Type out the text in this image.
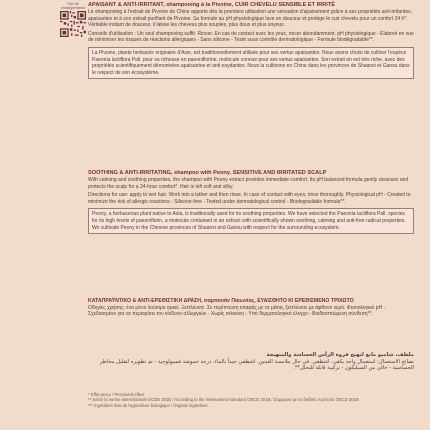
Plus de renseignements APAISANT & ANTI-IRRITANT, shampooing à la Pivoine, CUIR CHEVELU SENSIBLE ET IRRITÉ

Le shampooing à l'extrait de Pivoine de Chine apporte dès la première utilisation une sensation d'apaisement grâce à ses propriétés anti-irritantes, apaisantes et à son extrait purifiant de Pivoine. Sa formule au pH physiologique lave en douceur et protège le cuir chevelu pour un confort 24 h*. Véritable instant de douceur, il laisse les cheveux plus souples, plus doux et plus soyeux.

Conseils d'utilisation : Un seul shampooing suffit. Rincer. En cas de contact avec les yeux, rincer abondamment. pH physiologique - Élaboré en vue de minimiser les risques de réactions allergiques - Sans silicone - Testé sous contrôle dermatologique - Formule biodégradable**.

La Pivoine, plante herbacée originaire d'Asie, est traditionnellement utilisée pour ses vertus apaisantes. Nous avons choisi de cultiver l'espèce Paeonia lactiflora Pall. pour sa richesse en paeoniflorine, molécule connue pour ses vertus apaisantes. Son extrait en est très riche, avec des propriétés scientifiquement démontrées apaisantes et anti-oxydantes. Nous la cultivons en Chine dans les provinces de Shaanxi et Gansu dans le respect de son écosystème.

SOOTHING & ANTI-IRRITATING, shampoo with Peony, SENSITIVE AND IRRITATED SCALP

With calming and soothing properties, the shampoo with Peony extract provides immediate comfort. Its pH balanced formula gently cleanses and protects the scalp for a 24-hour comfort*. Hair is left soft and silky.

Directions for use: apply to wet hair. Work into a lather and then rinse. In case of contact with eyes, rinse thoroughly. Physiological pH - Created to minimize the risk of allergic reactions - Silicone-free - Tested under dermatological control - Biodegradable formula**.

Peony, a herbaceous plant native to Asia, is traditionally used for its soothing properties. We have selected the Paeonia lactiflora Pall. species for its high levels of paeoniflorin, a molecule contained in an extract with scientifically shown soothing, calming and anti-free radical properties. We cultivate Peony in the Chinese provinces of Shaanxi and Gansu with respect for the surrounding ecosystem.

ΚΑΤΑΠΡΑΫΝΤΙΚΟ & ΑΝΤΙ-ΕΡΕΘΙΣΤΙΚΗ ΔΡΑΣΗ, σαμπουάν Παιωνίας, ΕΥΑΙΣΘΗΤΟ ΚΙ ΕΡΕΘΙΣΜΕΝΟ ΤΡΙΧΩΤΟ

Οδηγίες χρήσης: ένα μόνο λούσιμο αρκεί. Ξεπλύνετε. Σε περίπτωση επαφής με τα μάτια, ξεπλύνετε με άφθονο νερό. Φυσιολογικό pH - Σχεδιασμένο για να περιορίσει τον κίνδυνο αλλεργιών - Χωρίς σιλικόνη - Υπό δερματολογικό έλεγχο - Βιοδιασπώμενη σύνθεση**.

ملطف، شامبو مانع لتهيج فروة الرأس الحساسة والمتهيجة

نصائح الاستعمال: استعمال واحد يكفي. اشطفي. في حال ملامسة العينين، اشطفي جيداً بالماء. درجة حموضة فسيولوجية - تم تطويره لتقليل مخاطر الحساسية - خالي من السيليكون - تركيبة قابلة للتحلل**.

* Effet perçu / Perceived effect

** Selon la norme internationale OCDE 301B / According to the international standard OECD 301B / Σύμφωνα με το διεθνές πρότυπο OECD 301B

*** Ingrédient issu de l'agriculture biologique / Organic ingredient
